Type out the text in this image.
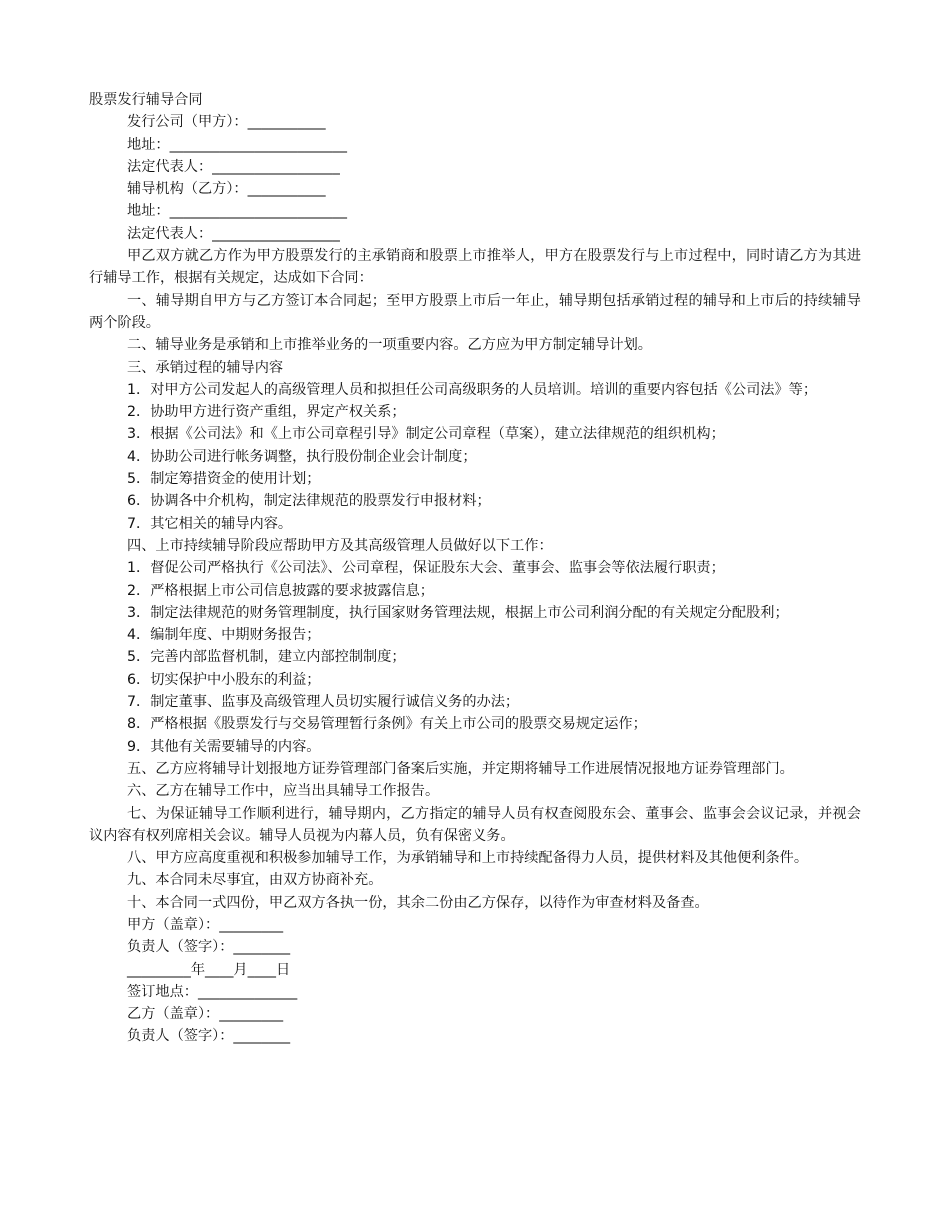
股票发行辅导合同
发行公司（甲方）：___________
地址：_________________________
法定代表人：__________________
辅导机构（乙方）：___________
地址：_________________________
法定代表人：__________________
甲乙双方就乙方作为甲方股票发行的主承销商和股票上市推举人，甲方在股票发行与上市过程中，同时请乙方为其进行辅导工作，根据有关规定，达成如下合同：
一、辅导期自甲方与乙方签订本合同起；至甲方股票上市后一年止，辅导期包括承销过程的辅导和上市后的持续辅导两个阶段。
二、辅导业务是承销和上市推举业务的一项重要内容。乙方应为甲方制定辅导计划。
三、承销过程的辅导内容
1．对甲方公司发起人的高级管理人员和拟担任公司高级职务的人员培训。培训的重要内容包括《公司法》等；
2．协助甲方进行资产重组，界定产权关系；
3．根据《公司法》和《上市公司章程引导》制定公司章程（草案），建立法律规范的组织机构；
4．协助公司进行帐务调整，执行股份制企业会计制度；
5．制定筹措资金的使用计划；
6．协调各中介机构，制定法律规范的股票发行申报材料；
7．其它相关的辅导内容。
四、上市持续辅导阶段应帮助甲方及其高级管理人员做好以下工作：
1．督促公司严格执行《公司法》、公司章程，保证股东大会、董事会、监事会等依法履行职责；
2．严格根据上市公司信息披露的要求披露信息；
3．制定法律规范的财务管理制度，执行国家财务管理法规，根据上市公司利润分配的有关规定分配股利；
4．编制年度、中期财务报告；
5．完善内部监督机制，建立内部控制制度；
6．切实保护中小股东的利益；
7．制定董事、监事及高级管理人员切实履行诚信义务的办法；
8．严格根据《股票发行与交易管理暂行条例》有关上市公司的股票交易规定运作；
9．其他有关需要辅导的内容。
五、乙方应将辅导计划报地方证券管理部门备案后实施，并定期将辅导工作进展情况报地方证券管理部门。
六、乙方在辅导工作中，应当出具辅导工作报告。
七、为保证辅导工作顺利进行，辅导期内，乙方指定的辅导人员有权查阅股东会、董事会、监事会会议记录，并视会议内容有权列席相关会议。辅导人员视为内幕人员，负有保密义务。
八、甲方应高度重视和积极参加辅导工作，为承销辅导和上市持续配备得力人员，提供材料及其他便利条件。
九、本合同未尽事宜，由双方协商补充。
十、本合同一式四份，甲乙双方各执一份，其余二份由乙方保存，以待作为审查材料及备查。
甲方（盖章）：_________
负责人（签字）：________
_________年____月____日
签订地点：______________
乙方（盖章）：_________
负责人（签字）：________
